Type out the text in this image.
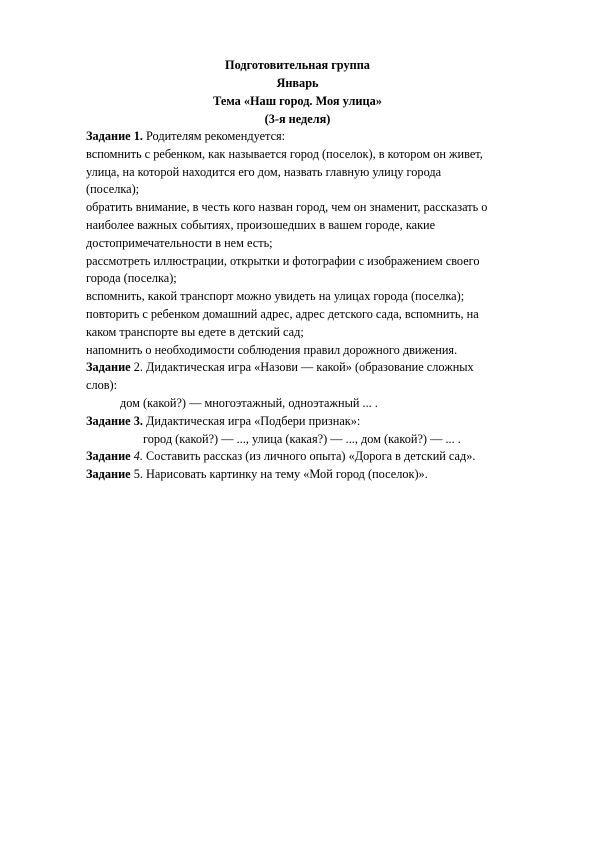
Подготовительная группа
Январь
Тема «Наш город. Моя улица»
(3-я неделя)
Задание 1. Родителям рекомендуется:
вспомнить с ребенком, как называется город (поселок), в котором он живет,
улица, на которой находится его дом, назвать главную улицу города
(поселка);
обратить внимание, в честь кого назван город, чем он знаменит, рассказать о
наиболее важных событиях, произошедших в вашем городе, какие
достопримечательности в нем есть;
рассмотреть иллюстрации, открытки и фотографии с изображением своего
города (поселка);
вспомнить, какой транспорт можно увидеть на улицах города (поселка);
повторить с ребенком домашний адрес, адрес детского сада, вспомнить, на
каком транспорте вы едете в детский сад;
напомнить о необходимости соблюдения правил дорожного движения.
Задание 2. Дидактическая игра «Назови — какой» (образование сложных
слов):
дом (какой?) — многоэтажный, одноэтажный ... .
Задание 3. Дидактическая игра «Подбери признак»:
город (какой?) — ..., улица (какая?) — ..., дом (какой?) — ... .
Задание 4. Составить рассказ (из личного опыта) «Дорога в детский сад».
Задание 5. Нарисовать картинку на тему «Мой город (поселок)».
